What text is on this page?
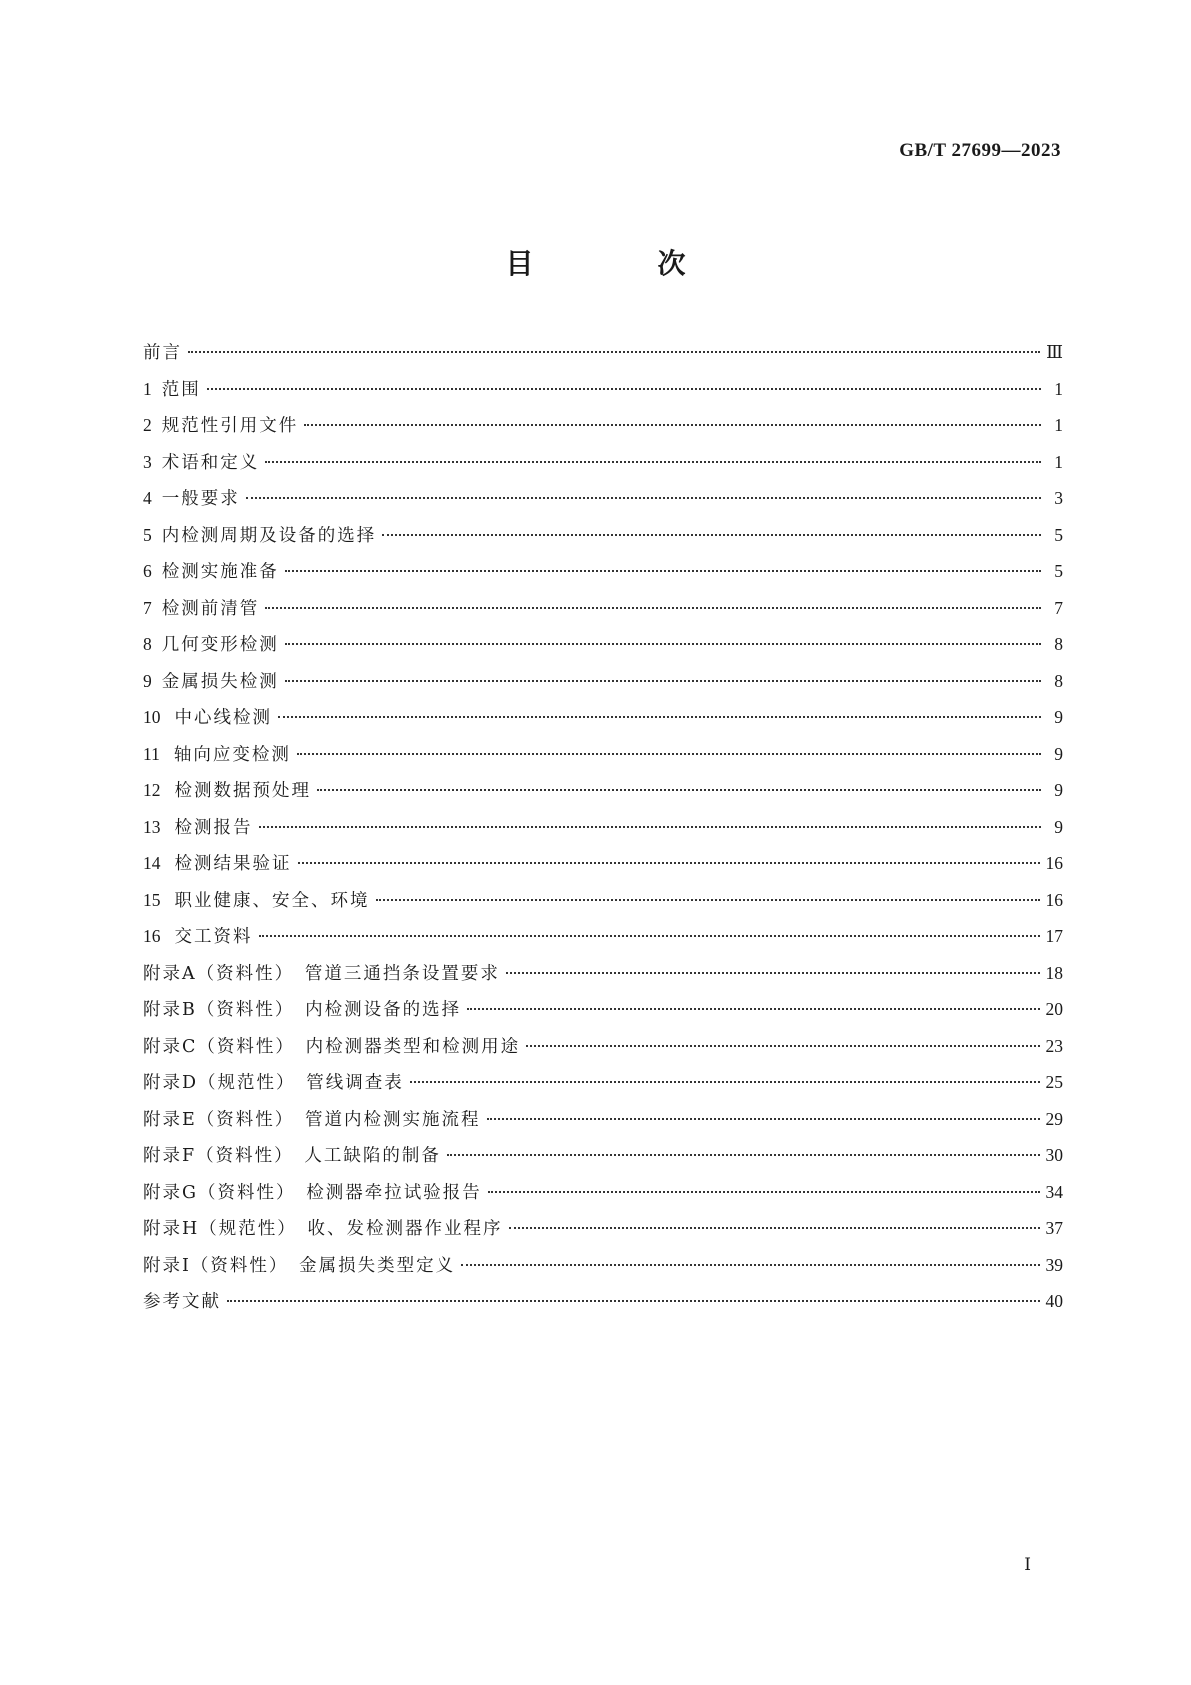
GB/T 27699—2023
目　次
前言	Ⅲ
1 范围	1
2 规范性引用文件	1
3 术语和定义	1
4 一般要求	3
5 内检测周期及设备的选择	5
6 检测实施准备	5
7 检测前清管	7
8 几何变形检测	8
9 金属损失检测	8
10 中心线检测	9
11 轴向应变检测	9
12 检测数据预处理	9
13 检测报告	9
14 检测结果验证	16
15 职业健康、安全、环境	16
16 交工资料	17
附录A（资料性）　管道三通挡条设置要求	18
附录B（资料性）　内检测设备的选择	20
附录C（资料性）　内检测器类型和检测用途	23
附录D（规范性）　管线调查表	25
附录E（资料性）　管道内检测实施流程	29
附录F（资料性）　人工缺陷的制备	30
附录G（资料性）　检测器牵拉试验报告	34
附录H（规范性）　收、发检测器作业程序	37
附录I（资料性）　金属损失类型定义	39
参考文献	40
Ⅰ
